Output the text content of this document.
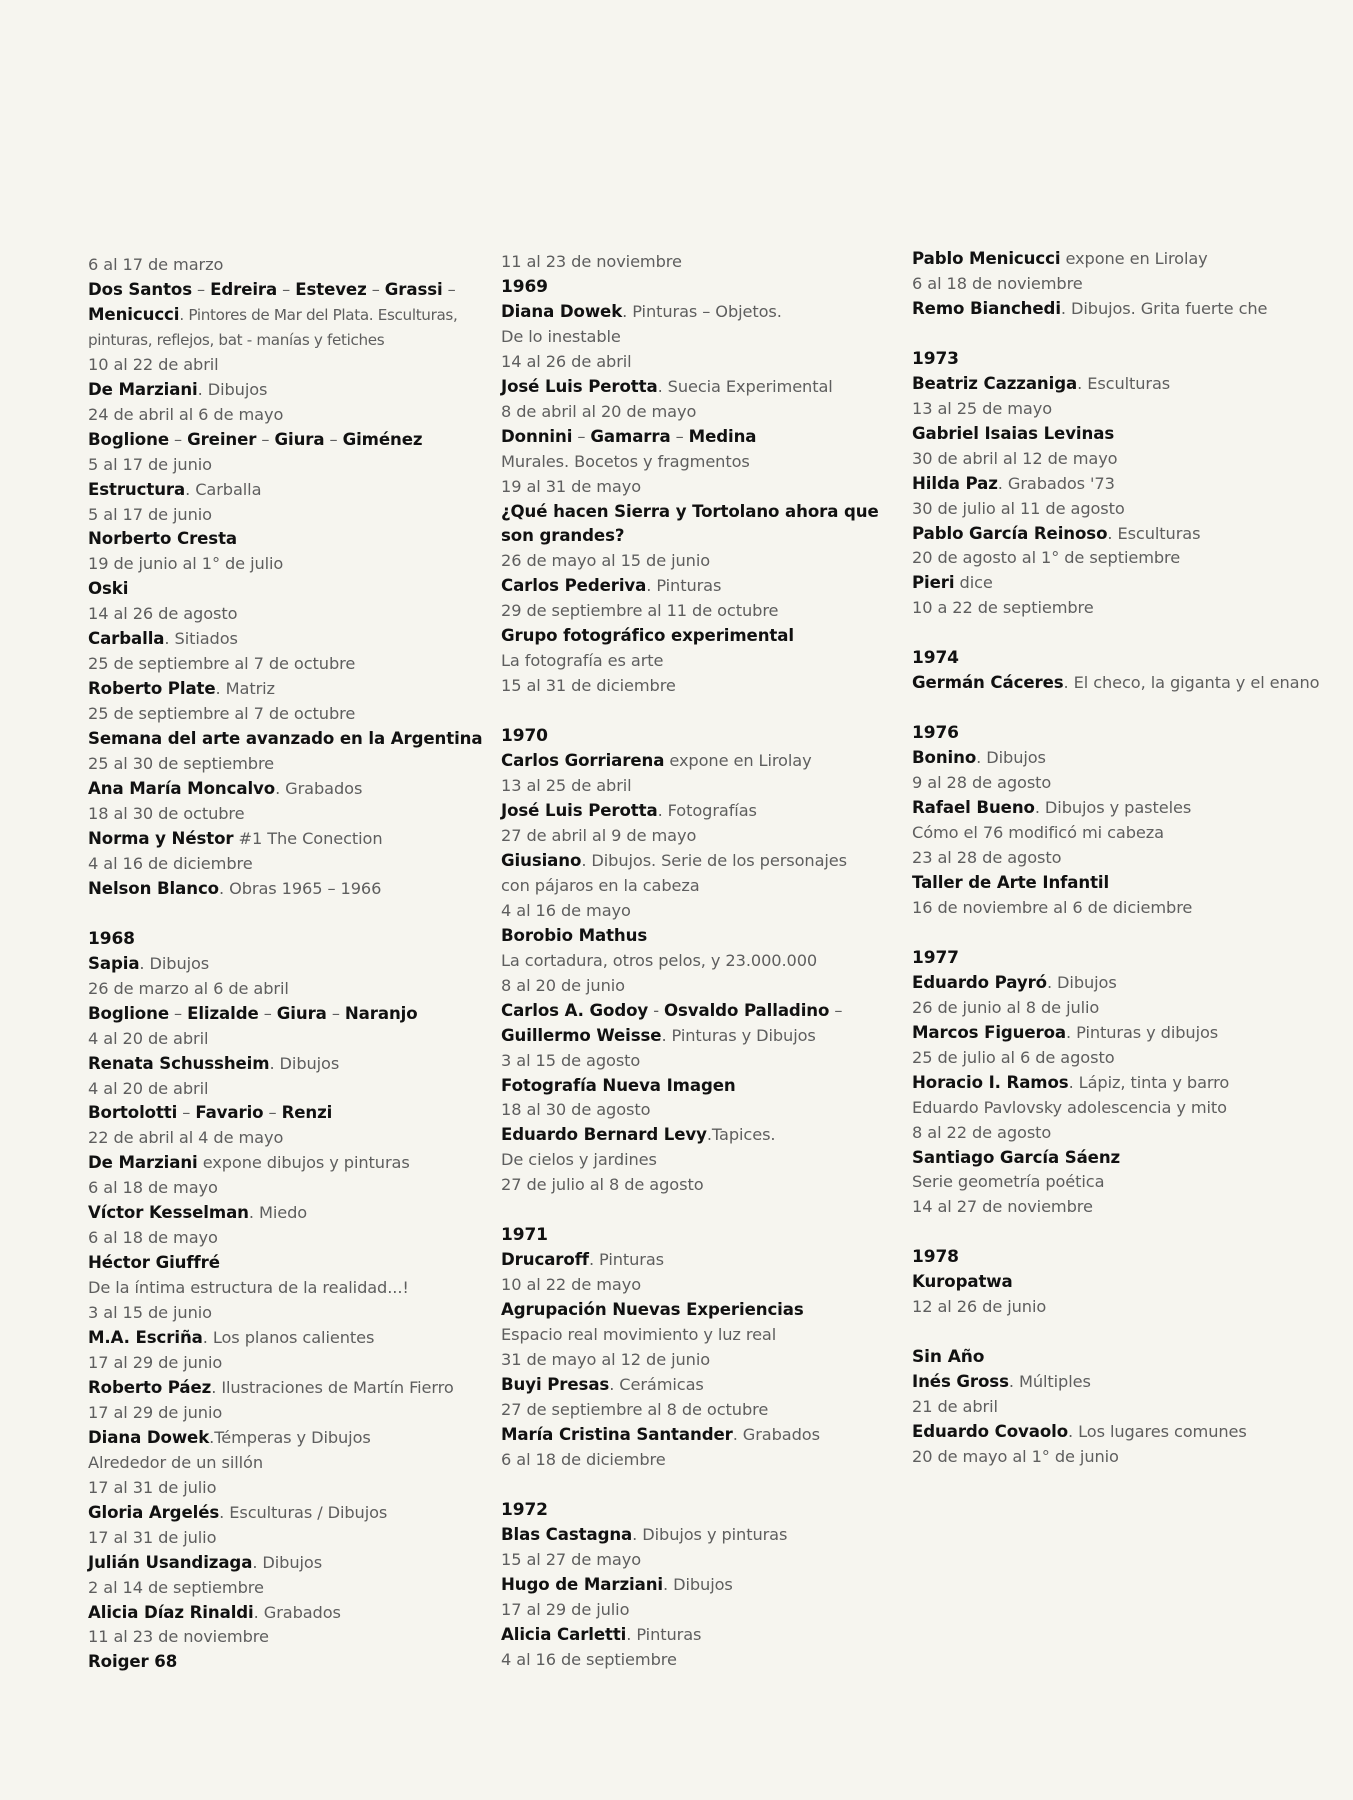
6 al 17 de marzo
Dos Santos – Edreira – Estevez – Grassi –
Menicucci. Pintores de Mar del Plata. Esculturas,
pinturas, reflejos, bat - manías y fetiches
10 al 22 de abril
De Marziani. Dibujos
24 de abril al 6 de mayo
Boglione – Greiner – Giura – Giménez
5 al 17 de junio
Estructura. Carballa
5 al 17 de junio
Norberto Cresta
19 de junio al 1° de julio
Oski
14 al 26 de agosto
Carballa. Sitiados
25 de septiembre al 7 de octubre
Roberto Plate. Matriz
25 de septiembre al 7 de octubre
Semana del arte avanzado en la Argentina
25 al 30 de septiembre
Ana María Moncalvo. Grabados
18 al 30 de octubre
Norma y Néstor #1 The Conection
4 al 16 de diciembre
Nelson Blanco. Obras 1965 – 1966
1968
Sapia. Dibujos
26 de marzo al 6 de abril
Boglione – Elizalde – Giura – Naranjo
4 al 20 de abril
Renata Schussheim. Dibujos
4 al 20 de abril
Bortolotti – Favario – Renzi
22 de abril al 4 de mayo
De Marziani expone dibujos y pinturas
6 al 18 de mayo
Víctor Kesselman. Miedo
6 al 18 de mayo
Héctor Giuffré
De la íntima estructura de la realidad...!
3 al 15 de junio
M.A. Escriña. Los planos calientes
17 al 29 de junio
Roberto Páez. Ilustraciones de Martín Fierro
17 al 29 de junio
Diana Dowek.Témperas y Dibujos
Alrededor de un sillón
17 al 31 de julio
Gloria Argelés. Esculturas / Dibujos
17 al 31 de julio
Julián Usandizaga. Dibujos
2 al 14 de septiembre
Alicia Díaz Rinaldi. Grabados
11 al 23 de noviembre
Roiger 68
11 al 23 de noviembre
1969
Diana Dowek. Pinturas – Objetos.
De lo inestable
14 al 26 de abril
José Luis Perotta. Suecia Experimental
8 de abril al 20 de mayo
Donnini – Gamarra – Medina
Murales. Bocetos y fragmentos
19 al 31 de mayo
¿Qué hacen Sierra y Tortolano ahora que
son grandes?
26 de mayo al 15 de junio
Carlos Pederiva. Pinturas
29 de septiembre al 11 de octubre
Grupo fotográfico experimental
La fotografía es arte
15 al 31 de diciembre
1970
Carlos Gorriarena expone en Lirolay
13 al 25 de abril
José Luis Perotta. Fotografías
27 de abril al 9 de mayo
Giusiano. Dibujos. Serie de los personajes
con pájaros en la cabeza
4 al 16 de mayo
Borobio Mathus
La cortadura, otros pelos, y 23.000.000
8 al 20 de junio
Carlos A. Godoy - Osvaldo Palladino –
Guillermo Weisse. Pinturas y Dibujos
3 al 15 de agosto
Fotografía Nueva Imagen
18 al 30 de agosto
Eduardo Bernard Levy.Tapices.
De cielos y jardines
27 de julio al 8 de agosto
1971
Drucaroff. Pinturas
10 al 22 de mayo
Agrupación Nuevas Experiencias
Espacio real movimiento y luz real
31 de mayo al 12 de junio
Buyi Presas. Cerámicas
27 de septiembre al 8 de octubre
María Cristina Santander. Grabados
6 al 18 de diciembre
1972
Blas Castagna. Dibujos y pinturas
15 al 27 de mayo
Hugo de Marziani. Dibujos
17 al 29 de julio
Alicia Carletti. Pinturas
4 al 16 de septiembre
Pablo Menicucci expone en Lirolay
6 al 18 de noviembre
Remo Bianchedi. Dibujos. Grita fuerte che
1973
Beatriz Cazzaniga. Esculturas
13 al 25 de mayo
Gabriel Isaias Levinas
30 de abril al 12 de mayo
Hilda Paz. Grabados '73
30 de julio al 11 de agosto
Pablo García Reinoso. Esculturas
20 de agosto al 1° de septiembre
Pieri dice
10 a 22 de septiembre
1974
Germán Cáceres. El checo, la giganta y el enano
1976
Bonino. Dibujos
9 al 28 de agosto
Rafael Bueno. Dibujos y pasteles
Cómo el 76 modificó mi cabeza
23 al 28 de agosto
Taller de Arte Infantil
16 de noviembre al 6 de diciembre
1977
Eduardo Payró. Dibujos
26 de junio al 8 de julio
Marcos Figueroa. Pinturas y dibujos
25 de julio al 6 de agosto
Horacio I. Ramos. Lápiz, tinta y barro
Eduardo Pavlovsky adolescencia y mito
8 al 22 de agosto
Santiago García Sáenz
Serie geometría poética
14 al 27 de noviembre
1978
Kuropatwa
12 al 26 de junio
Sin Año
Inés Gross. Múltiples
21 de abril
Eduardo Covaolo. Los lugares comunes
20 de mayo al 1° de junio
